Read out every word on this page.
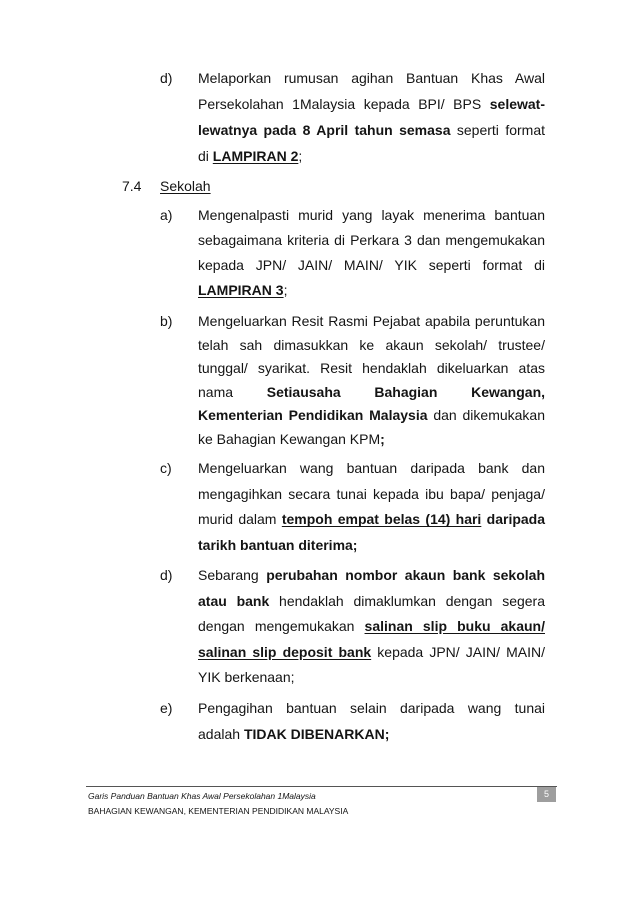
d) Melaporkan rumusan agihan Bantuan Khas Awal
Persekolahan 1Malaysia kepada BPI/ BPS selewat-
lewatnya pada 8 April tahun semasa seperti format
di LAMPIRAN 2;
7.4 Sekolah
a) Mengenalpasti murid yang layak menerima bantuan
sebagaimana kriteria di Perkara 3 dan mengemukakan
kepada JPN/ JAIN/ MAIN/ YIK seperti format di
LAMPIRAN 3;
b) Mengeluarkan Resit Rasmi Pejabat apabila peruntukan
telah sah dimasukkan ke akaun sekolah/ trustee/
tunggal/ syarikat. Resit hendaklah dikeluarkan atas
nama Setiausaha Bahagian Kewangan,
Kementerian Pendidikan Malaysia dan dikemukakan
ke Bahagian Kewangan KPM;
c) Mengeluarkan wang bantuan daripada bank dan
mengagihkan secara tunai kepada ibu bapa/ penjaga/
murid dalam tempoh empat belas (14) hari daripada
tarikh bantuan diterima;
d) Sebarang perubahan nombor akaun bank sekolah
atau bank hendaklah dimaklumkan dengan segera
dengan mengemukakan salinan slip buku akaun/
salinan slip deposit bank kepada JPN/ JAIN/ MAIN/
YIK berkenaan;
e) Pengagihan bantuan selain daripada wang tunai
adalah TIDAK DIBENARKAN;
Garis Panduan Bantuan Khas Awal Persekolahan 1Malaysia
BAHAGIAN KEWANGAN, KEMENTERIAN PENDIDIKAN MALAYSIA
5
